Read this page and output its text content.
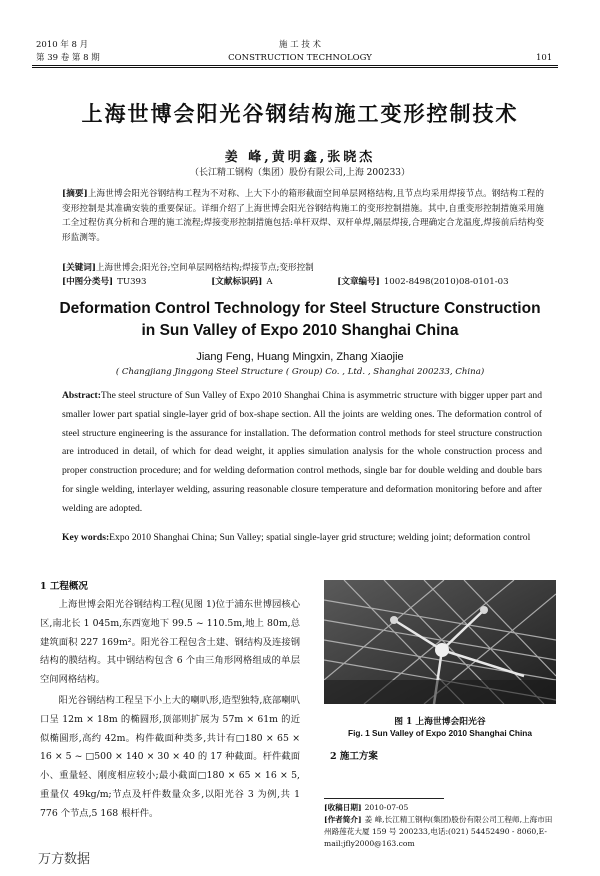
2010 年 8 月
第 39 卷 第 8 期
施 工 技 术
CONSTRUCTION TECHNOLOGY	101
上海世博会阳光谷钢结构施工变形控制技术
姜 峰,黄明鑫,张晓杰
（长江精工钢构（集团）股份有限公司,上海 200233）
[摘要]上海世博会阳光谷钢结构工程为不对称、上大下小的箱形截面空间单层网格结构,且节点均采用焊接节点。钢结构工程的变形控制是其准确安装的重要保证。详细介绍了上海世博会阳光谷钢结构施工的变形控制措施。其中,自重变形控制措施采用施工全过程仿真分析和合理的施工流程;焊接变形控制措施包括:单杆双焊、双杆单焊,隔层焊接,合理确定合龙温度,焊接前后结构变形监测等。
[关键词]上海世博会;阳光谷;空间单层网格结构;焊接节点;变形控制
[中图分类号] TU393	[文献标识码] A	[文章编号] 1002-8498(2010)08-0101-03
Deformation Control Technology for Steel Structure Construction
in Sun Valley of Expo 2010 Shanghai China
Jiang Feng, Huang Mingxin, Zhang Xiaojie
( Changjiang Jinggong Steel Structure ( Group) Co. , Ltd. , Shanghai 200233, China)
Abstract:The steel structure of Sun Valley of Expo 2010 Shanghai China is asymmetric structure with bigger upper part and smaller lower part spatial single-layer grid of box-shape section. All the joints are welding ones. The deformation control of steel structure engineering is the assurance for installation. The deformation control methods for steel structure construction are introduced in detail, of which for dead weight, it applies simulation analysis for the whole construction process and proper construction procedure; and for welding deformation control methods, single bar for double welding and double bars for single welding, interlayer welding, assuring reasonable closure temperature and deformation monitoring before and after welding are adopted.
Key words:Expo 2010 Shanghai China; Sun Valley; spatial single-layer grid structure; welding joint; deformation control
1 工程概况

上海世博会阳光谷钢结构工程(见图 1)位于浦东世博园核心区,南北长 1 045m,东西宽地下 99.5 ~ 110.5m,地上 80m,总建筑面积 227 169m²。阳光谷工程包含土建、钢结构及连接钢结构的膜结构。其中钢结构包含 6 个由三角形网格组成的单层空间网格结构。

阳光谷钢结构工程呈下小上大的喇叭形,造型独特,底部喇叭口呈 12m × 18m 的椭圆形,顶部则扩展为 57m × 61m 的近似椭圆形,高约 42m。构件截面种类多,共计有□180 × 65 × 16 × 5 ~ □500 × 140 × 30 × 40 的 17 种截面。杆件截面小、重量轻、刚度相应较小;最小截面□180 × 65 × 16 × 5,重量仅 49kg/m;节点及杆件数量众多,以阳光谷 3 为例,共 1 776 个节点,5 168 根杆件。

图 1 上海世博会阳光谷
Fig. 1 Sun Valley of Expo 2010 Shanghai China
2 施工方案
[收稿日期] 2010-07-05
[作者简介] 姜 峰,长江精工钢构(集团)股份有限公司工程师,上海市田州路莲花大厦 159 号 200233,电话:(021) 54452490 - 8060,E-mail:jfly2000@163.com
万方数据
